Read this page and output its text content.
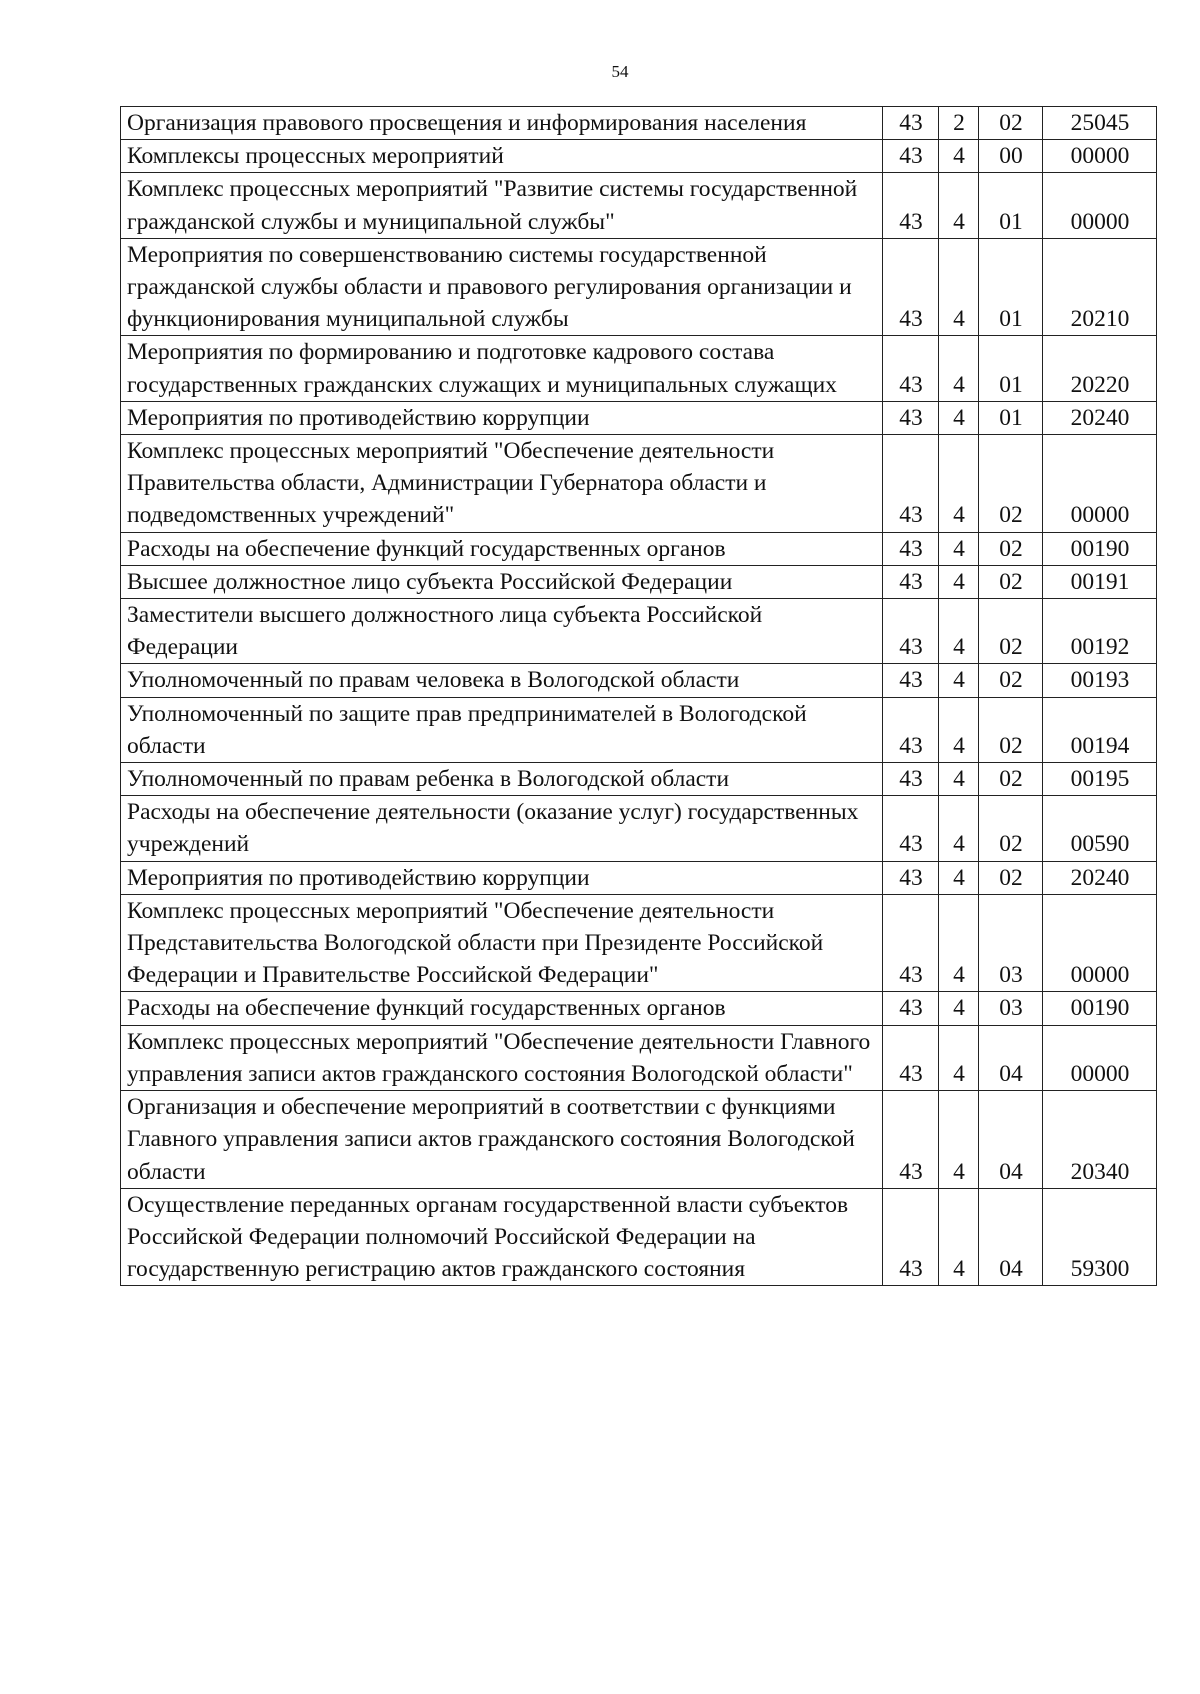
54
Организация правового просвещения и информирования населения	43	2	02	25045
Комплексы процессных мероприятий	43	4	00	00000
Комплекс процессных мероприятий "Развитие системы государственной гражданской службы и муниципальной службы"	43	4	01	00000
Мероприятия по совершенствованию системы государственной гражданской службы области и правового регулирования организации и функционирования муниципальной службы	43	4	01	20210
Мероприятия по формированию и подготовке кадрового состава государственных гражданских служащих и муниципальных служащих	43	4	01	20220
Мероприятия по противодействию коррупции	43	4	01	20240
Комплекс процессных мероприятий "Обеспечение деятельности Правительства области, Администрации Губернатора области и подведомственных учреждений"	43	4	02	00000
Расходы на обеспечение функций государственных органов	43	4	02	00190
Высшее должностное лицо субъекта Российской Федерации	43	4	02	00191
Заместители высшего должностного лица субъекта Российской Федерации	43	4	02	00192
Уполномоченный по правам человека в Вологодской области	43	4	02	00193
Уполномоченный по защите прав предпринимателей в Вологодской области	43	4	02	00194
Уполномоченный по правам ребенка в Вологодской области	43	4	02	00195
Расходы на обеспечение деятельности (оказание услуг) государственных учреждений	43	4	02	00590
Мероприятия по противодействию коррупции	43	4	02	20240
Комплекс процессных мероприятий "Обеспечение деятельности Представительства Вологодской области при Президенте Российской Федерации и Правительстве Российской Федерации"	43	4	03	00000
Расходы на обеспечение функций государственных органов	43	4	03	00190
Комплекс процессных мероприятий "Обеспечение деятельности Главного управления записи актов гражданского состояния Вологодской области"	43	4	04	00000
Организация и обеспечение мероприятий в соответствии с функциями Главного управления записи актов гражданского состояния Вологодской области	43	4	04	20340
Осуществление переданных органам государственной власти субъектов Российской Федерации полномочий Российской Федерации на государственную регистрацию актов гражданского состояния	43	4	04	59300
